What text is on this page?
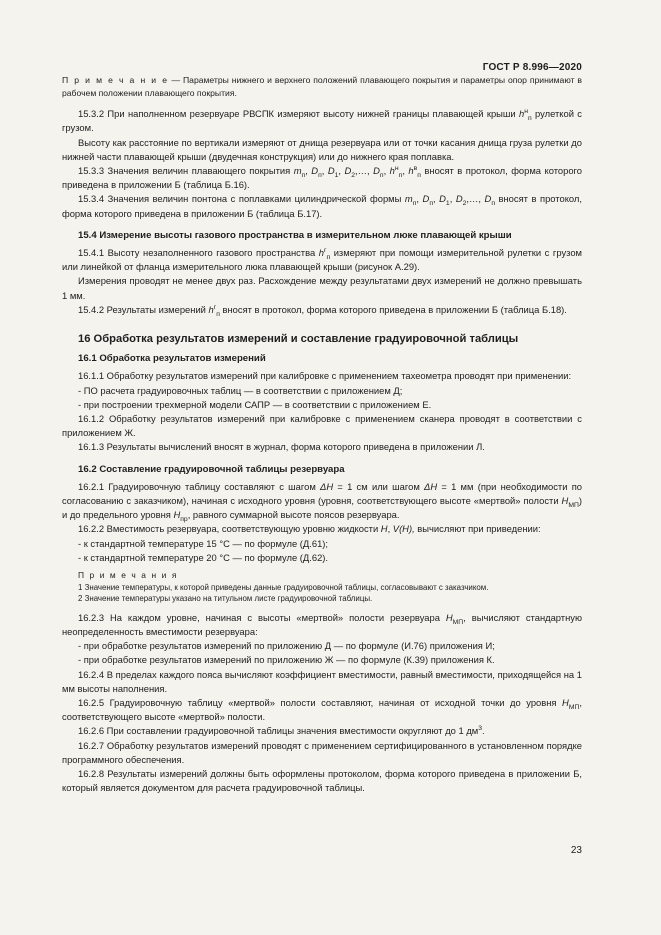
ГОСТ Р 8.996—2020

П р и м е ч а н и е — Параметры нижнего и верхнего положений плавающего покрытия и параметры опор принимают в рабочем положении плавающего покрытия.

15.3.2 При наполненном резервуаре РВСПК измеряют высоту нижней границы плавающей крыши $h^н_п$ рулеткой с грузом.

Высоту как расстояние по вертикали измеряют от днища резервуара или от точки касания днища груза рулетки до нижней части плавающей крыши (двудечная конструкция) или до нижнего края поплавка.

15.3.3 Значения величин плавающего покрытия $m_п$, $D_п$, $D_1$, $D_2,\dots$, $D_п$, $h^н_п$, $h^в_п$ вносят в протокол, форма которого приведена в приложении Б (таблица Б.16).

15.3.4 Значения величин понтона с поплавками цилиндрической формы $m_п$, $D_п$, $D_1$, $D_2,\dots$, $D_п$ вносят в протокол, форма которого приведена в приложении Б (таблица Б.17).

15.4 Измерение высоты газового пространства в измерительном люке плавающей крыши

15.4.1 Высоту незаполненного газового пространства $h^г_п$ измеряют при помощи измерительной рулетки с грузом или линейкой от фланца измерительного люка плавающей крыши (рисунок А.29).

Измерения проводят не менее двух раз. Расхождение между результатами двух измерений не должно превышать 1 мм.

15.4.2 Результаты измерений $h^г_п$ вносят в протокол, форма которого приведена в приложении Б (таблица Б.18).

16 Обработка результатов измерений и составление градуировочной таблицы

16.1 Обработка результатов измерений

16.1.1 Обработку результатов измерений при калибровке с применением тахеометра проводят при применении:

- ПО расчета градуировочных таблиц — в соответствии с приложением Д;

- при построении трехмерной модели САПР — в соответствии с приложением Е.

16.1.2 Обработку результатов измерений при калибровке с применением сканера проводят в соответствии с приложением Ж.

16.1.3 Результаты вычислений вносят в журнал, форма которого приведена в приложении Л.

16.2 Составление градуировочной таблицы резервуара

16.2.1 Градуировочную таблицу составляют с шагом ΔH = 1 см или шагом ΔH = 1 мм (при необходимости по согласованию с заказчиком), начиная с исходного уровня (уровня, соответствующего высоте «мертвой» полости $H_{МП}$) и до предельного уровня $H_{пр}$, равного суммарной высоте поясов резервуара.

16.2.2 Вместимость резервуара, соответствующую уровню жидкости H, V(H), вычисляют при приведении:

- к стандартной температуре 15 °С — по формуле (Д.61);

- к стандартной температуре 20 °С — по формуле (Д.62).

П р и м е ч а н и я

1 Значение температуры, к которой приведены данные градуировочной таблицы, согласовывают с заказчиком.

2 Значение температуры указано на титульном листе градуировочной таблицы.

16.2.3 На каждом уровне, начиная с высоты «мертвой» полости резервуара $H_{МП}$, вычисляют стандартную неопределенность вместимости резервуара:

- при обработке результатов измерений по приложению Д — по формуле (И.76) приложения И;

- при обработке результатов измерений по приложению Ж — по формуле (К.39) приложения К.

16.2.4 В пределах каждого пояса вычисляют коэффициент вместимости, равный вместимости, приходящейся на 1 мм высоты наполнения.

16.2.5 Градуировочную таблицу «мертвой» полости составляют, начиная от исходной точки до уровня $H_{МП}$, соответствующего высоте «мертвой» полости.

16.2.6 При составлении градуировочной таблицы значения вместимости округляют до 1 $дм^3$.

16.2.7 Обработку результатов измерений проводят с применением сертифицированного в установленном порядке программного обеспечения.

16.2.8 Результаты измерений должны быть оформлены протоколом, форма которого приведена в приложении Б, который является документом для расчета градуировочной таблицы.

23
